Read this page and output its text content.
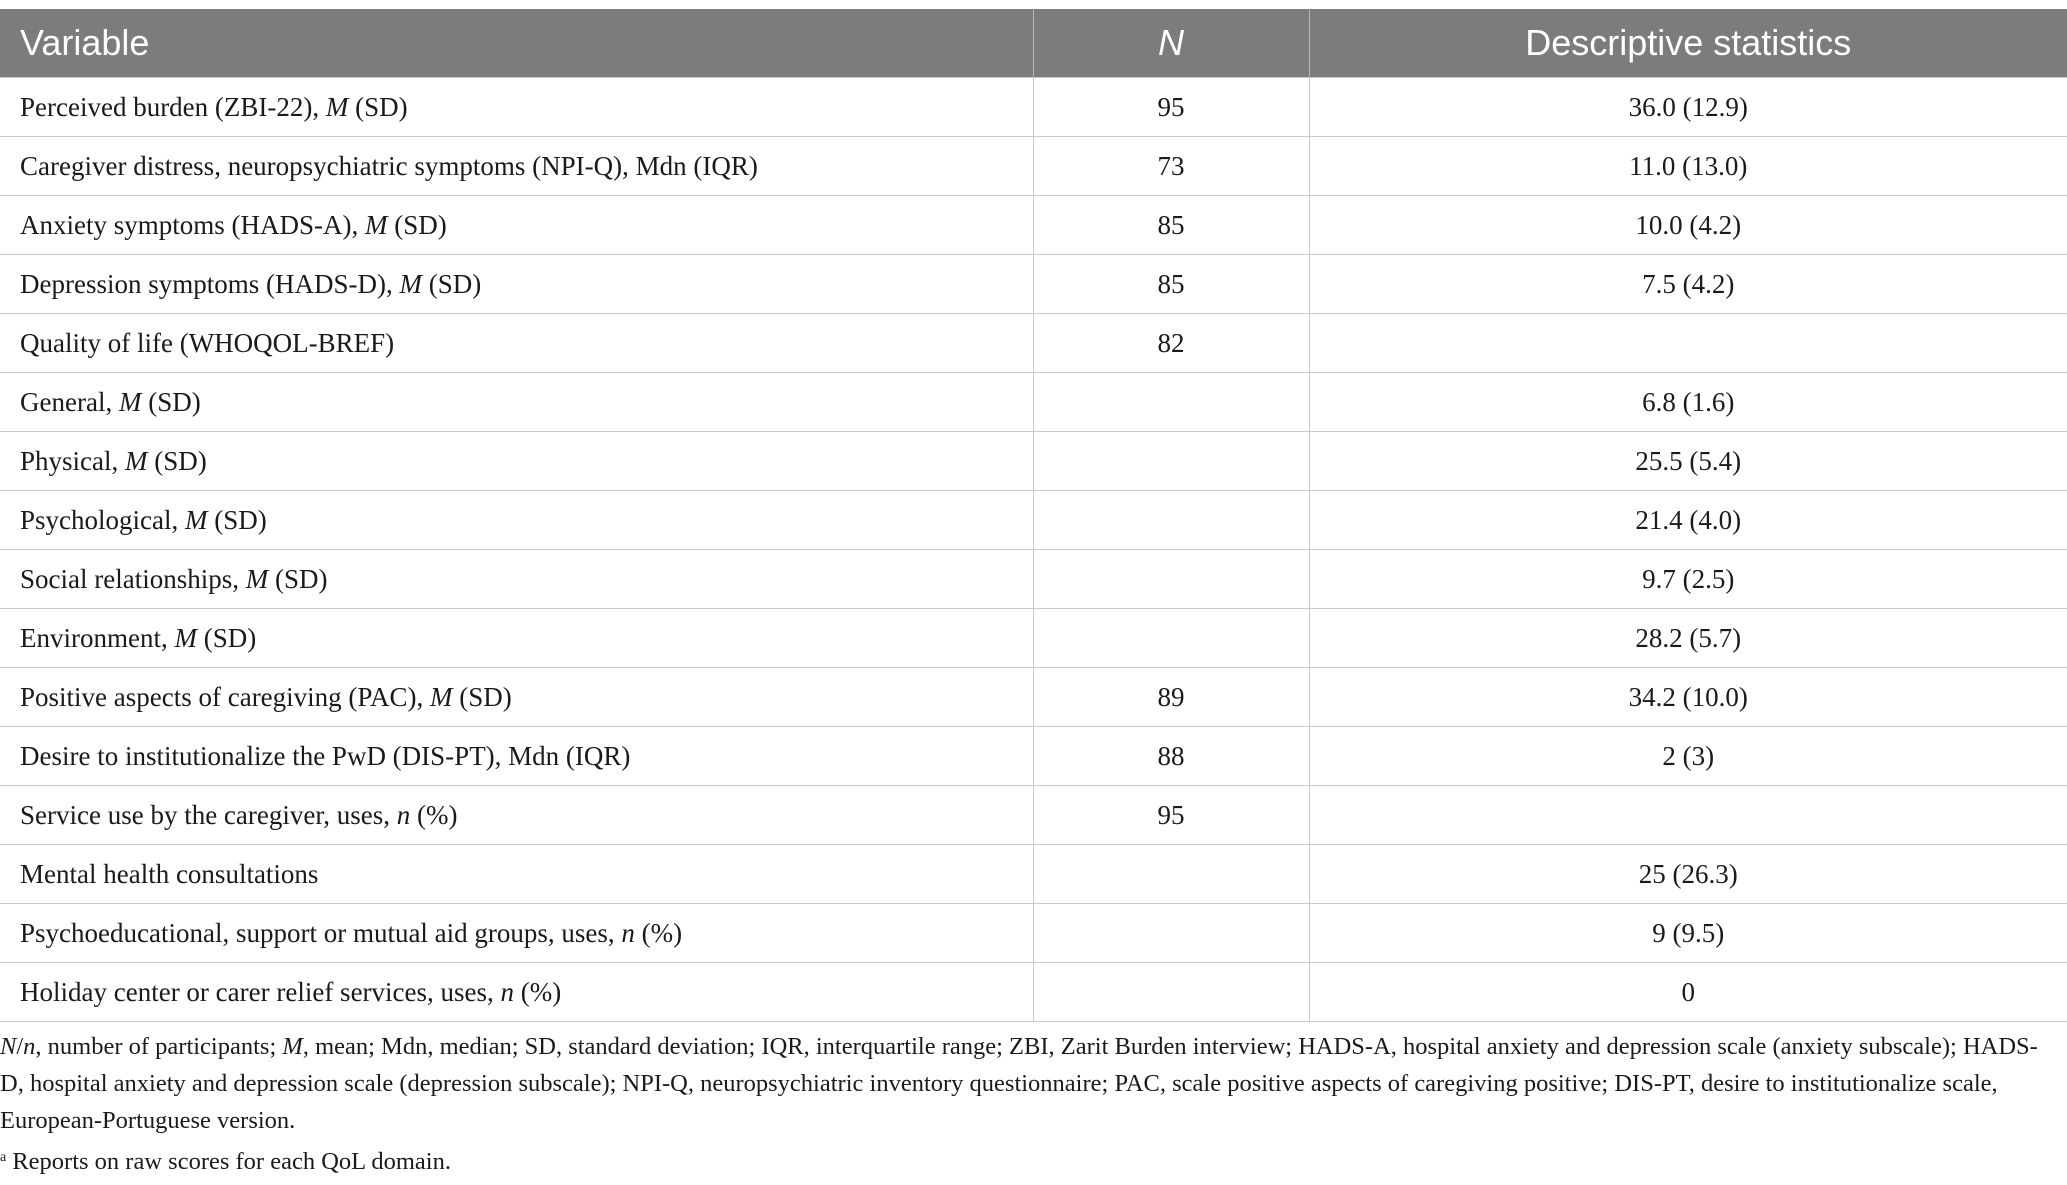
Variable	N	Descriptive statistics
Perceived burden (ZBI-22), M (SD)	95	36.0 (12.9)
Caregiver distress, neuropsychiatric symptoms (NPI-Q), Mdn (IQR)	73	11.0 (13.0)
Anxiety symptoms (HADS-A), M (SD)	85	10.0 (4.2)
Depression symptoms (HADS-D), M (SD)	85	7.5 (4.2)
Quality of life (WHOQOL-BREF)	82	
General, M (SD)		6.8 (1.6)
Physical, M (SD)		25.5 (5.4)
Psychological, M (SD)		21.4 (4.0)
Social relationships, M (SD)		9.7 (2.5)
Environment, M (SD)		28.2 (5.7)
Positive aspects of caregiving (PAC), M (SD)	89	34.2 (10.0)
Desire to institutionalize the PwD (DIS-PT), Mdn (IQR)	88	2 (3)
Service use by the caregiver, uses, n (%)	95	
Mental health consultations		25 (26.3)
Psychoeducational, support or mutual aid groups, uses, n (%)		9 (9.5)
Holiday center or carer relief services, uses, n (%)		0

N/n, number of participants; M, mean; Mdn, median; SD, standard deviation; IQR, interquartile range; ZBI, Zarit Burden interview; HADS-A, hospital anxiety and depression scale (anxiety subscale); HADS-D, hospital anxiety and depression scale (depression subscale); NPI-Q, neuropsychiatric inventory questionnaire; PAC, scale positive aspects of caregiving positive; DIS-PT, desire to institutionalize scale, European-Portuguese version.

$^a$ Reports on raw scores for each QoL domain.
